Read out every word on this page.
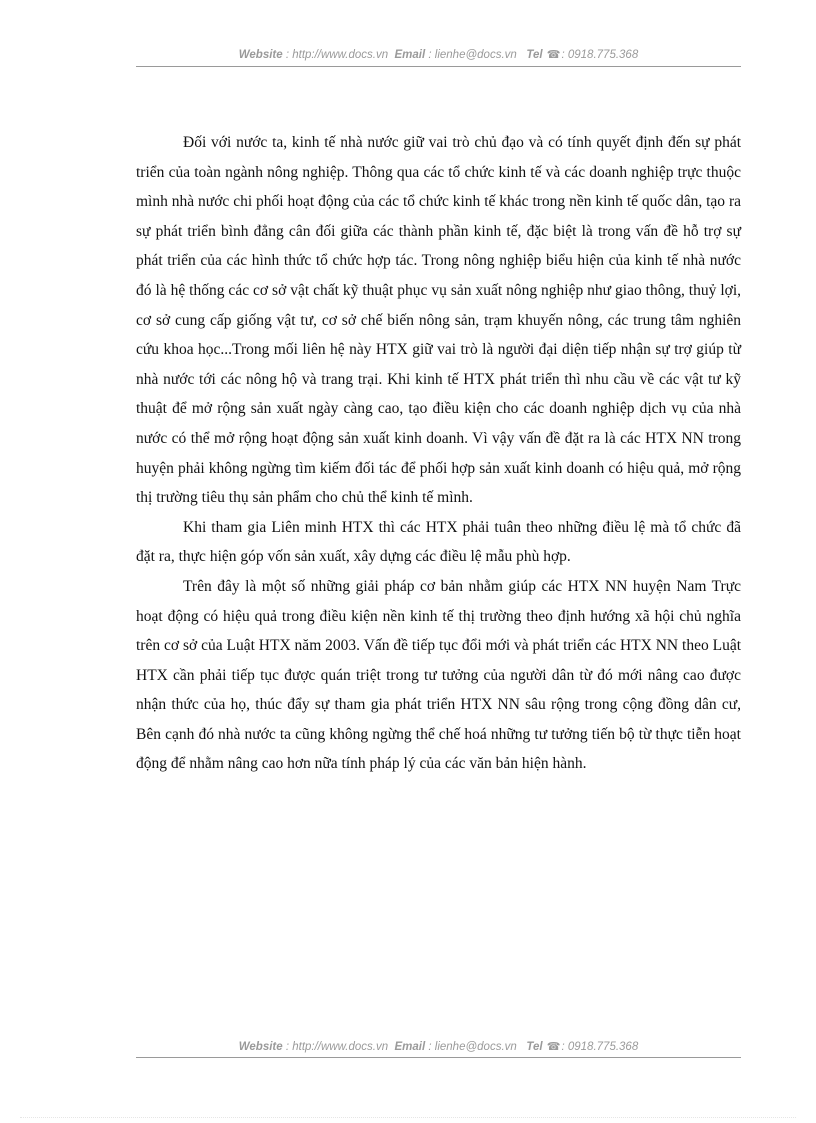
Website : http://www.docs.vn Email : lienhe@docs.vn Tel ☎: 0918.775.368

Đối với nước ta, kinh tế nhà nước giữ vai trò chủ đạo và có tính quyết định đến sự phát triển của toàn ngành nông nghiệp. Thông qua các tổ chức kinh tế và các doanh nghiệp trực thuộc mình nhà nước chi phối hoạt động của các tổ chức kinh tế khác trong nền kinh tế quốc dân, tạo ra sự phát triển bình đẳng cân đối giữa các thành phần kinh tế, đặc biệt là trong vấn đề hỗ trợ sự phát triển của các hình thức tổ chức hợp tác. Trong nông nghiệp biểu hiện của kinh tế nhà nước đó là hệ thống các cơ sở vật chất kỹ thuật phục vụ sản xuất nông nghiệp như giao thông, thuỷ lợi, cơ sở cung cấp giống vật tư, cơ sở chế biến nông sản, trạm khuyến nông, các trung tâm nghiên cứu khoa học...Trong mối liên hệ này HTX giữ vai trò là người đại diện tiếp nhận sự trợ giúp từ nhà nước tới các nông hộ và trang trại. Khi kinh tế HTX phát triển thì nhu cầu về các vật tư kỹ thuật để mở rộng sản xuất ngày càng cao, tạo điều kiện cho các doanh nghiệp dịch vụ của nhà nước có thể mở rộng hoạt động sản xuất kinh doanh. Vì vậy vấn đề đặt ra là các HTX NN trong huyện phải không ngừng tìm kiếm đối tác để phối hợp sản xuất kinh doanh có hiệu quả, mở rộng thị trường tiêu thụ sản phẩm cho chủ thể kinh tế mình.

Khi tham gia Liên minh HTX thì các HTX phải tuân theo những điều lệ mà tổ chức đã đặt ra, thực hiện góp vốn sản xuất, xây dựng các điều lệ mẫu phù hợp.

Trên đây là một số những giải pháp cơ bản nhằm giúp các HTX NN huyện Nam Trực hoạt động có hiệu quả trong điều kiện nền kinh tế thị trường theo định hướng xã hội chủ nghĩa trên cơ sở của Luật HTX năm 2003. Vấn đề tiếp tục đổi mới và phát triển các HTX NN theo Luật HTX cần phải tiếp tục được quán triệt trong tư tưởng của người dân từ đó mới nâng cao được nhận thức của họ, thúc đẩy sự tham gia phát triển HTX NN sâu rộng trong cộng đồng dân cư, Bên cạnh đó nhà nước ta cũng không ngừng thể chế hoá những tư tưởng tiến bộ từ thực tiễn hoạt động để nhằm nâng cao hơn nữa tính pháp lý của các văn bản hiện hành.

Website : http://www.docs.vn Email : lienhe@docs.vn Tel ☎: 0918.775.368
